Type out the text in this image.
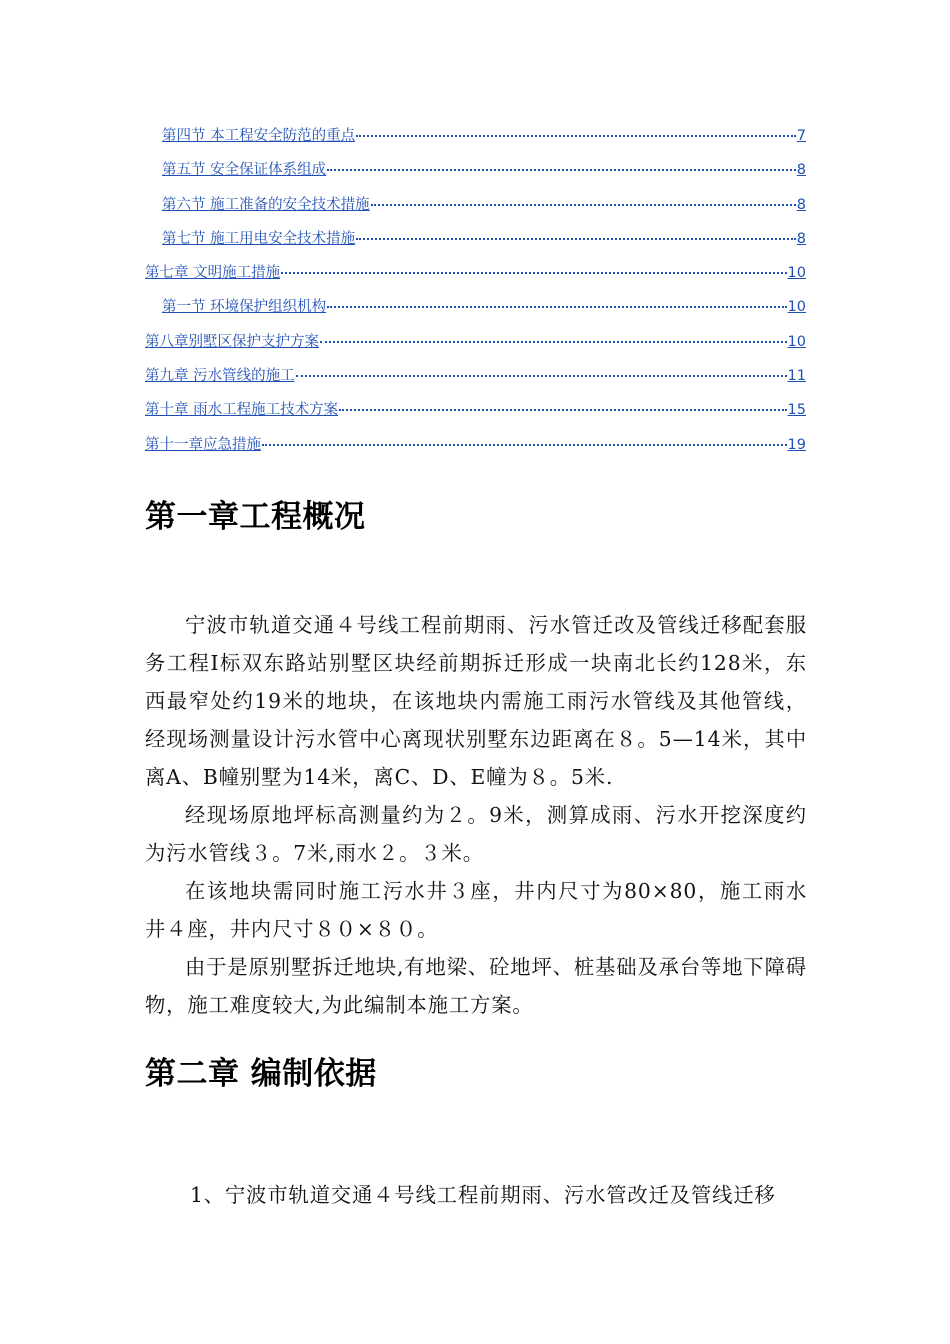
第四节 本工程安全防范的重点	7
第五节 安全保证体系组成	8
第六节 施工准备的安全技术措施	8
第七节 施工用电安全技术措施	8
第七章 文明施工措施	10
第一节 环境保护组织机构	10
第八章别墅区保护支护方案	10
第九章 污水管线的施工	11
第十章 雨水工程施工技术方案	15
第十一章应急措施	19
第一章工程概况

宁波市轨道交通４号线工程前期雨、污水管迁改及管线迁移配套服务工程I标双东路站别墅区块经前期拆迁形成一块南北长约128米，东西最窄处约19米的地块，在该地块内需施工雨污水管线及其他管线，经现场测量设计污水管中心离现状别墅东边距离在８。5—14米，其中离A、B幢别墅为14米，离C、D、E幢为８。5米.

经现场原地坪标高测量约为２。9米，测算成雨、污水开挖深度约为污水管线３。7米,雨水２。３米。

在该地块需同时施工污水井３座，井内尺寸为80×80，施工雨水井４座，井内尺寸８０×８０。

由于是原别墅拆迁地块,有地梁、砼地坪、桩基础及承台等地下障碍物，施工难度较大,为此编制本施工方案。

第二章 编制依据

1、宁波市轨道交通４号线工程前期雨、污水管改迁及管线迁移
